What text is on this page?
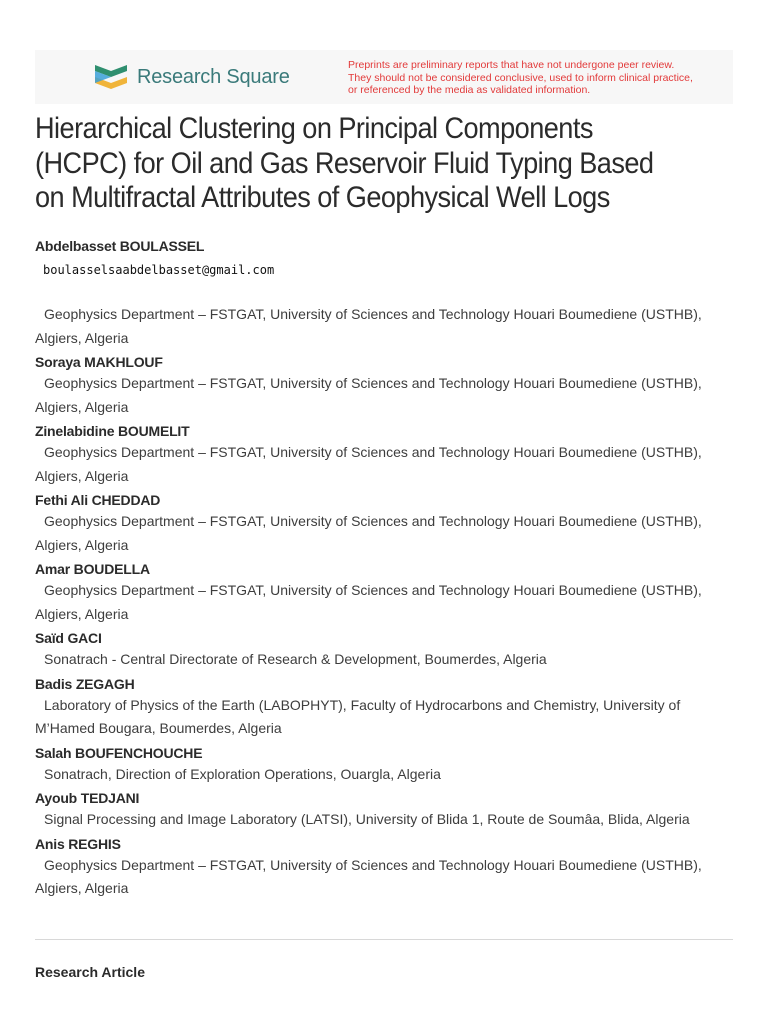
Research Square
Preprints are preliminary reports that have not undergone peer review.
They should not be considered conclusive, used to inform clinical practice,
or referenced by the media as validated information.
Hierarchical Clustering on Principal Components (HCPC) for Oil and Gas Reservoir Fluid Typing Based on Multifractal Attributes of Geophysical Well Logs
Abdelbasset BOULASSEL
boulasselsaabdelbasset@gmail.com
Geophysics Department – FSTGAT, University of Sciences and Technology Houari Boumediene (USTHB), Algiers, Algeria
Soraya MAKHLOUF
Geophysics Department – FSTGAT, University of Sciences and Technology Houari Boumediene (USTHB), Algiers, Algeria
Zinelabidine BOUMELIT
Geophysics Department – FSTGAT, University of Sciences and Technology Houari Boumediene (USTHB), Algiers, Algeria
Fethi Ali CHEDDAD
Geophysics Department – FSTGAT, University of Sciences and Technology Houari Boumediene (USTHB), Algiers, Algeria
Amar BOUDELLA
Geophysics Department – FSTGAT, University of Sciences and Technology Houari Boumediene (USTHB), Algiers, Algeria
Saïd GACI
Sonatrach - Central Directorate of Research & Development, Boumerdes, Algeria
Badis ZEGAGH
Laboratory of Physics of the Earth (LABOPHYT), Faculty of Hydrocarbons and Chemistry, University of M’Hamed Bougara, Boumerdes, Algeria
Salah BOUFENCHOUCHE
Sonatrach, Direction of Exploration Operations, Ouargla, Algeria
Ayoub TEDJANI
Signal Processing and Image Laboratory (LATSI), University of Blida 1, Route de Soumâa, Blida, Algeria
Anis REGHIS
Geophysics Department – FSTGAT, University of Sciences and Technology Houari Boumediene (USTHB), Algiers, Algeria
Research Article
